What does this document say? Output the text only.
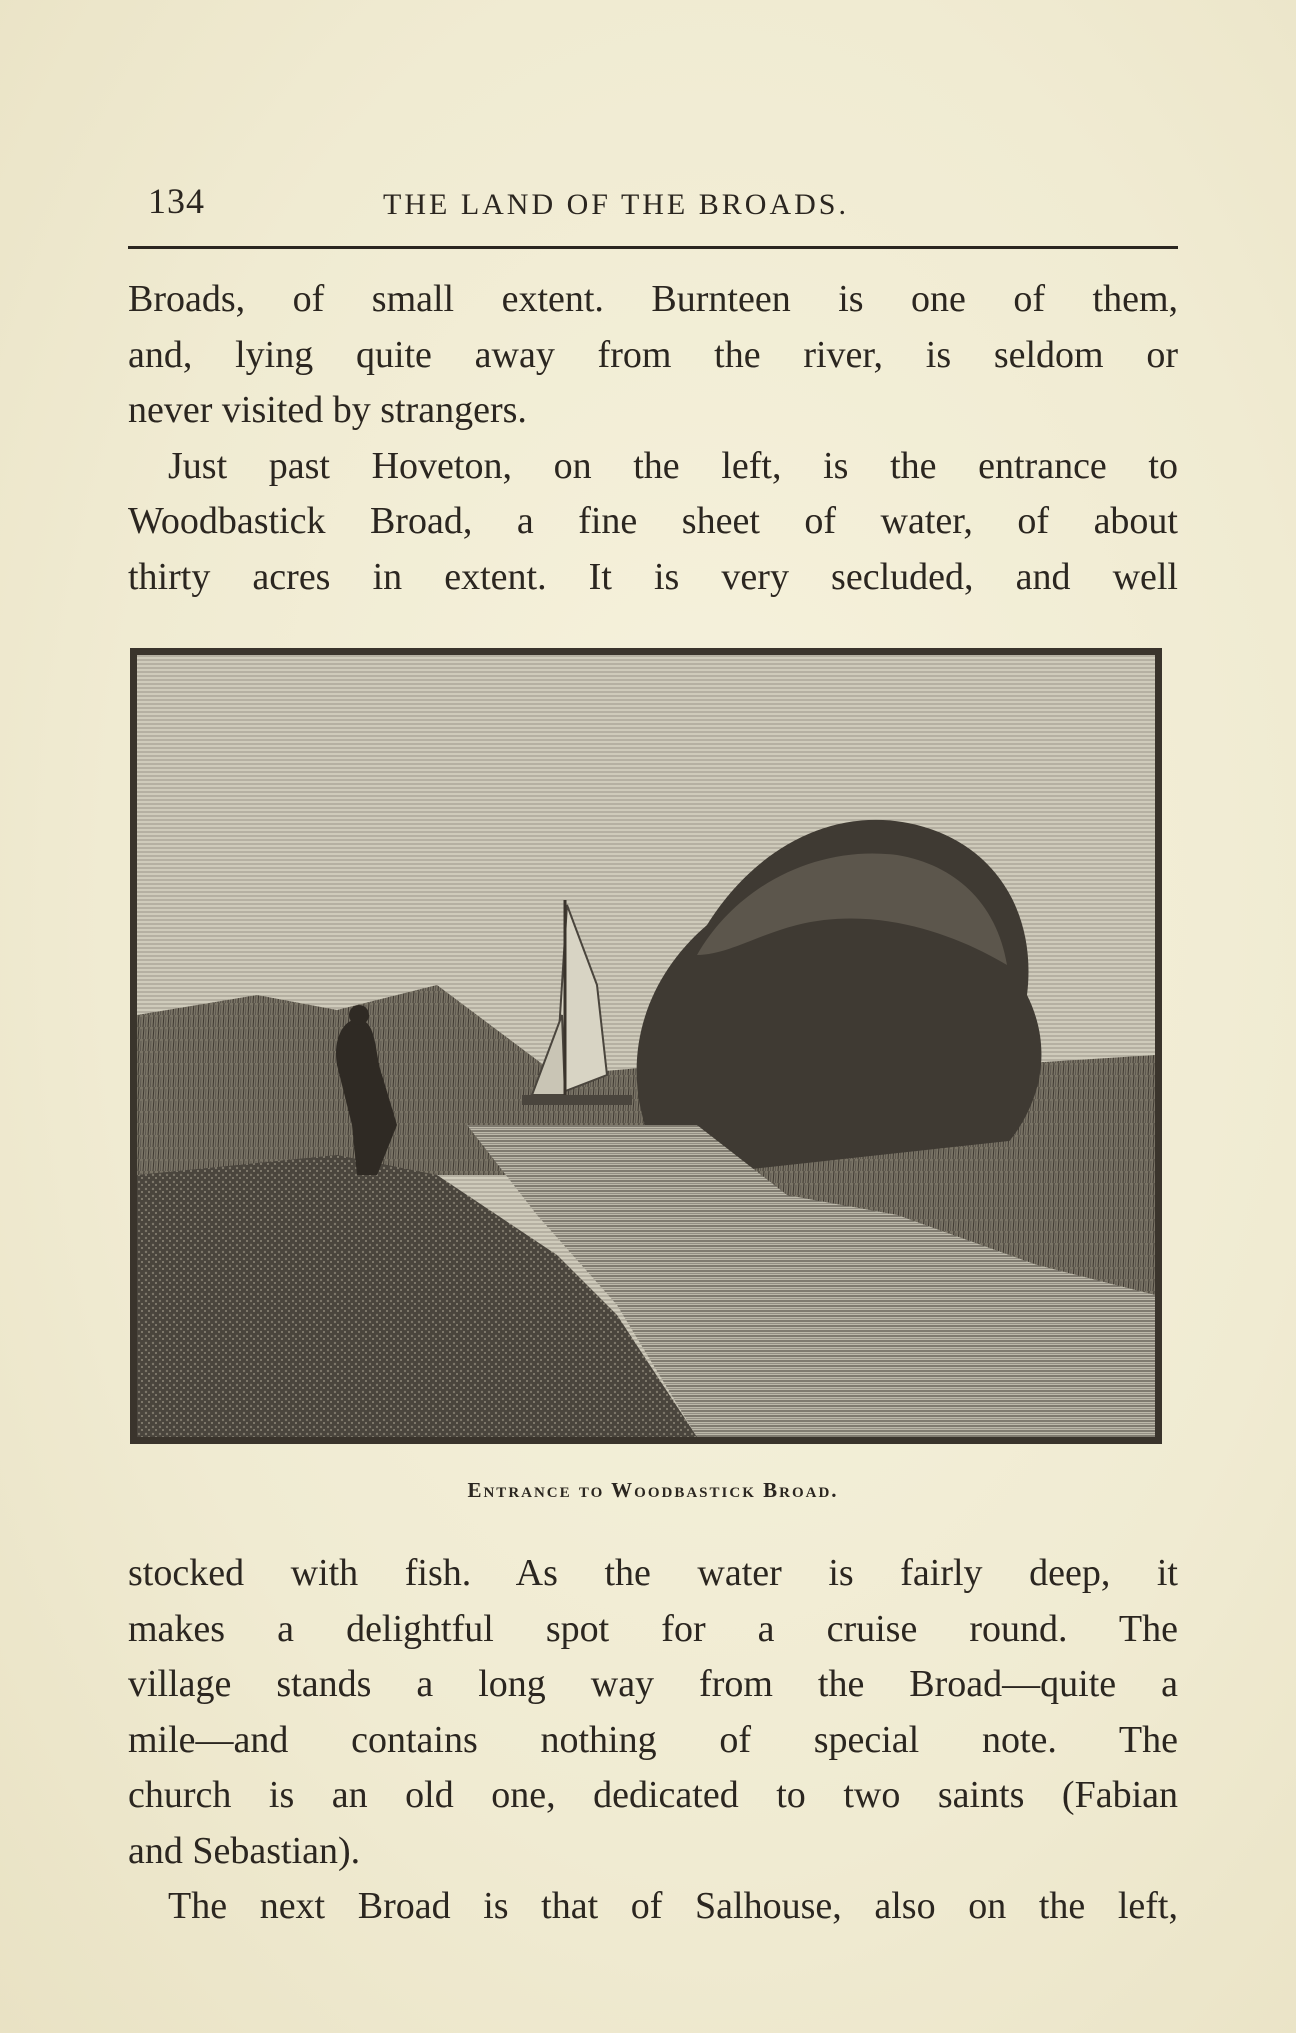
134	THE LAND OF THE BROADS.
Broads, of small extent. Burnteen is one of them,
and, lying quite away from the river, is seldom or
never visited by strangers.
Just past Hoveton, on the left, is the entrance to
Woodbastick Broad, a fine sheet of water, of about
thirty acres in extent. It is very secluded, and well
Entrance to Woodbastick Broad.
stocked with fish. As the water is fairly deep, it
makes a delightful spot for a cruise round. The
village stands a long way from the Broad—quite a
mile—and contains nothing of special note. The
church is an old one, dedicated to two saints (Fabian
and Sebastian).
The next Broad is that of Salhouse, also on the left,
